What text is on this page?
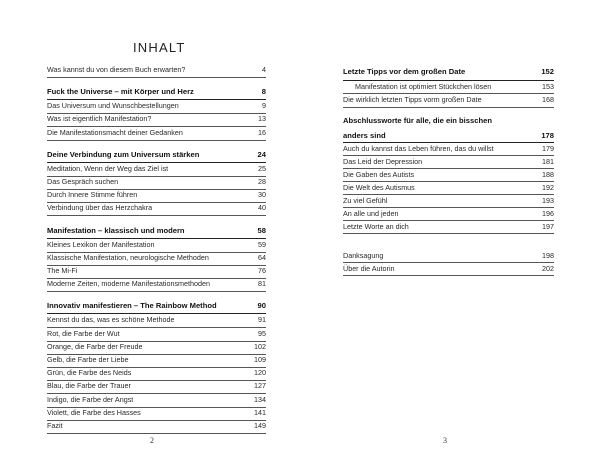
INHALT
Was kannst du von diesem Buch erwarten?	4
Fuck the Universe – mit Körper und Herz	8
Das Universum und Wunschbestellungen	9
Was ist eigentlich Manifestation?	13
Die Manifestationsmacht deiner Gedanken	16
Deine Verbindung zum Universum stärken	24
Meditation, Wenn der Weg das Ziel ist	25
Das Gespräch suchen	28
Durch Innere Stimme führen	30
Verbindung über das Herzchakra	40
Manifestation – klassisch und modern	58
Kleines Lexikon der Manifestation	59
Klassische Manifestation, neurologische Methoden	64
The Mi-Fi	76
Moderne Zeiten, moderne Manifestationsmethoden	81
Innovativ manifestieren – The Rainbow Method	90
Kennst du das, was es schöne Methode	91
Rot, die Farbe der Wut	95
Orange, die Farbe der Freude	102
Gelb, die Farbe der Liebe	109
Grün, die Farbe des Neids	120
Blau, die Farbe der Trauer	127
Indigo, die Farbe der Angst	134
Violett, die Farbe des Hasses	141
Fazit	149
2
Letzte Tipps vor dem großen Date	152
Manifestation ist optimiert Stückchen lösen	153
Die wirklich letzten Tipps vorm großen Date	168
Abschlussworte für alle, die ein bisschen
anders sind	178
Auch du kannst das Leben führen, das du willst	179
Das Leid der Depression	181
Die Gaben des Autists	188
Die Welt des Autismus	192
Zu viel Gefühl	193
An alle und jeden	196
Letzte Worte an dich	197
Danksagung	198
Über die Autorin	202
3
